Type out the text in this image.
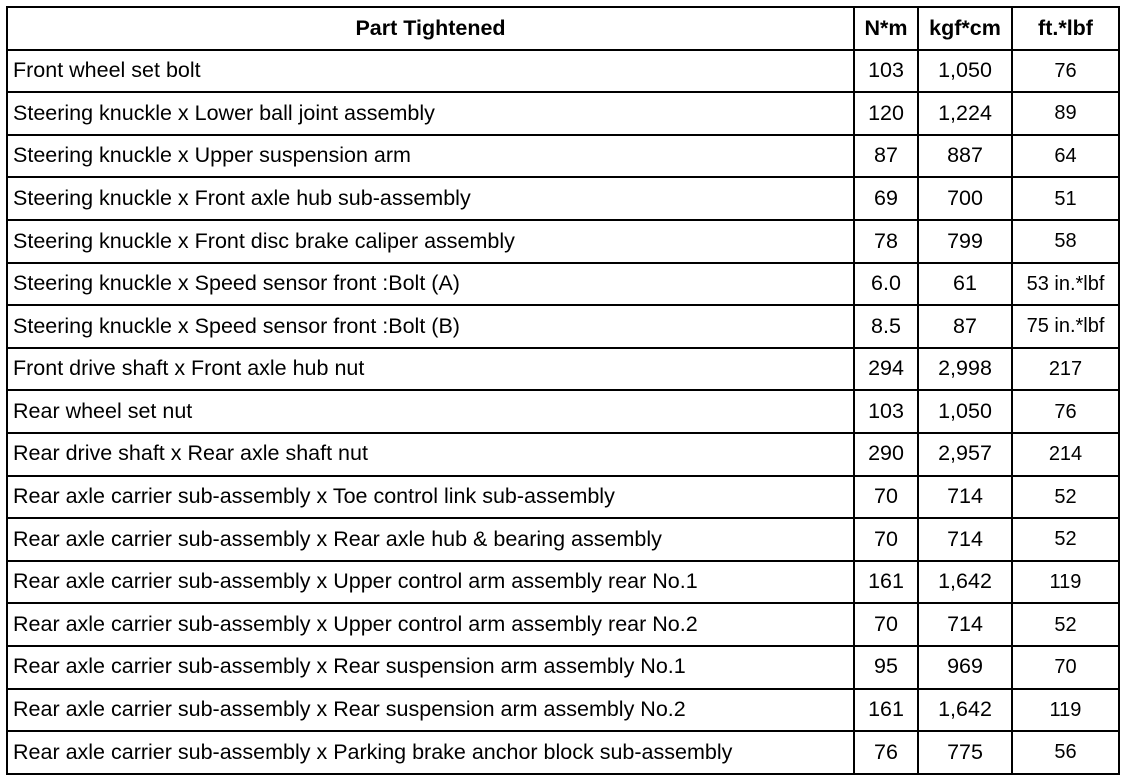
Part Tightened	N*m	kgf*cm	ft.*lbf
Front wheel set bolt	103	1,050	76
Steering knuckle x Lower ball joint assembly	120	1,224	89
Steering knuckle x Upper suspension arm	87	887	64
Steering knuckle x Front axle hub sub-assembly	69	700	51
Steering knuckle x Front disc brake caliper assembly	78	799	58
Steering knuckle x Speed sensor front :Bolt (A)	6.0	61	53 in.*lbf
Steering knuckle x Speed sensor front :Bolt (B)	8.5	87	75 in.*lbf
Front drive shaft x Front axle hub nut	294	2,998	217
Rear wheel set nut	103	1,050	76
Rear drive shaft x Rear axle shaft nut	290	2,957	214
Rear axle carrier sub-assembly x Toe control link sub-assembly	70	714	52
Rear axle carrier sub-assembly x Rear axle hub & bearing assembly	70	714	52
Rear axle carrier sub-assembly x Upper control arm assembly rear No.1	161	1,642	119
Rear axle carrier sub-assembly x Upper control arm assembly rear No.2	70	714	52
Rear axle carrier sub-assembly x Rear suspension arm assembly No.1	95	969	70
Rear axle carrier sub-assembly x Rear suspension arm assembly No.2	161	1,642	119
Rear axle carrier sub-assembly x Parking brake anchor block sub-assembly	76	775	56
